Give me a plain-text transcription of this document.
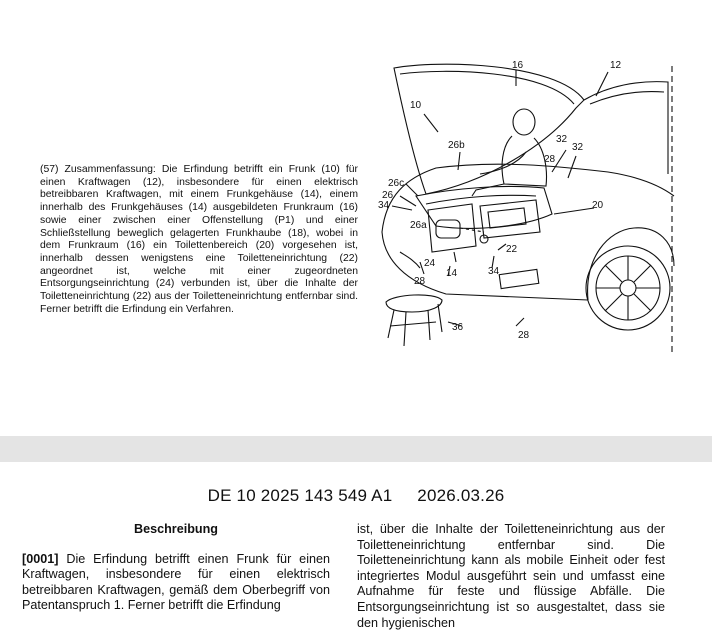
(57) Zusammenfassung: Die Erfindung betrifft ein Frunk (10) für einen Kraftwagen (12), insbesondere für einen elektrisch betreibbaren Kraftwagen, mit einem Frunkgehäuse (14), einem innerhalb des Frunkgehäuses (14) ausgebildeten Frunkraum (16) sowie einer zwischen einer Offenstellung (P1) und einer Schließstellung beweglich gelagerten Frunkhaube (18), wobei in dem Frunkraum (16) ein Toilettenbereich (20) vorgesehen ist, innerhalb dessen wenigstens eine Toiletteneinrichtung (22) angeordnet ist, welche mit einer zugeordneten Entsorgungseinrichtung (24) verbunden ist, über die Inhalte der Toiletteneinrichtung (22) aus der Toiletteneinrichtung entfernbar sind. Ferner betrifft die Erfindung ein Verfahren.
10
16	12
26b
32
32
28
26c
26
34	20
26a
22
24
14	34
28
36
28
DE 10 2025 143 549 A1 2026.03.26
Beschreibung
[0001] Die Erfindung betrifft einen Frunk für einen Kraftwagen, insbesondere für einen elektrisch betreibbaren Kraftwagen, gemäß dem Oberbegriff von Patentanspruch 1. Ferner betrifft die Erfindung
ist, über die Inhalte der Toiletteneinrichtung aus der Toiletteneinrichtung entfernbar sind. Die Toiletteneinrichtung kann als mobile Einheit oder fest integriertes Modul ausgeführt sein und umfasst eine Aufnahme für feste und flüssige Abfälle. Die Entsorgungseinrichtung ist so ausgestaltet, dass sie den hygienischen
